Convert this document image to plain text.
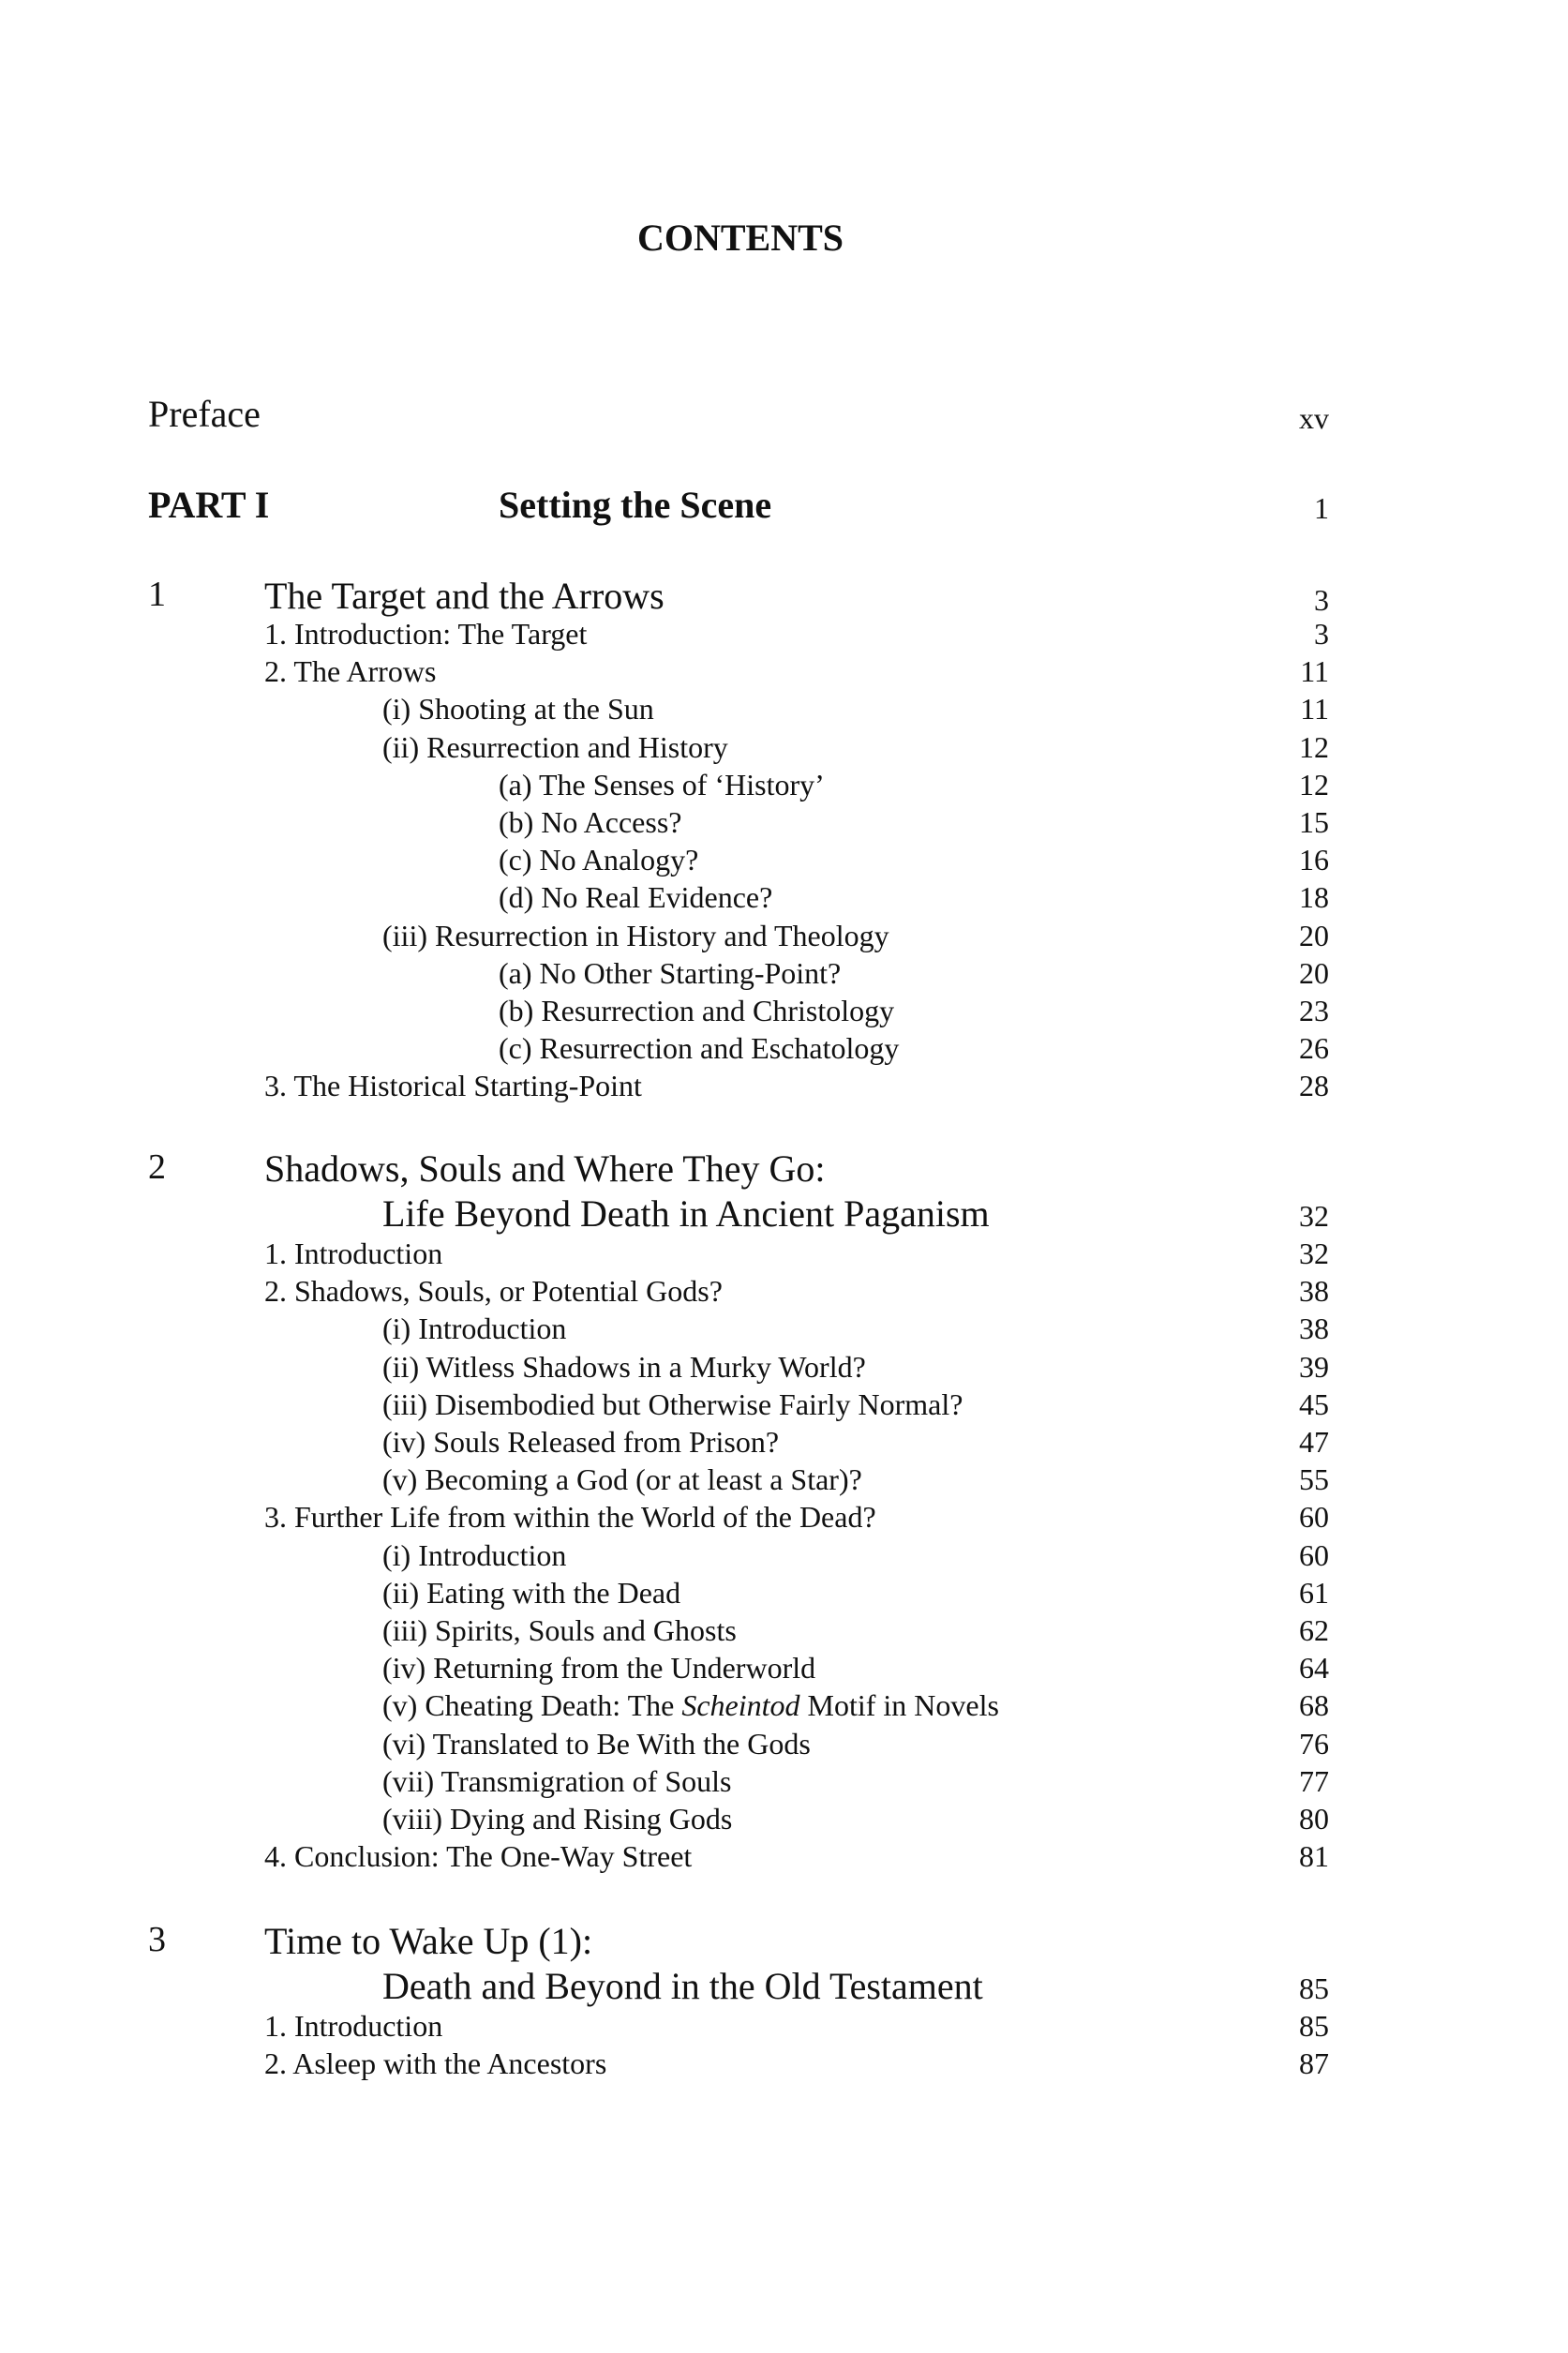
CONTENTS
Preface	xv
PART I	Setting the Scene	1
1	The Target and the Arrows	3
1. Introduction: The Target	3
2. The Arrows	11
(i) Shooting at the Sun	11
(ii) Resurrection and History	12
(a) The Senses of ‘History’	12
(b) No Access?	15
(c) No Analogy?	16
(d) No Real Evidence?	18
(iii) Resurrection in History and Theology	20
(a) No Other Starting-Point?	20
(b) Resurrection and Christology	23
(c) Resurrection and Eschatology	26
3. The Historical Starting-Point	28
2	Shadows, Souls and Where They Go:
Life Beyond Death in Ancient Paganism	32
1. Introduction	32
2. Shadows, Souls, or Potential Gods?	38
(i) Introduction	38
(ii) Witless Shadows in a Murky World?	39
(iii) Disembodied but Otherwise Fairly Normal?	45
(iv) Souls Released from Prison?	47
(v) Becoming a God (or at least a Star)?	55
3. Further Life from within the World of the Dead?	60
(i) Introduction	60
(ii) Eating with the Dead	61
(iii) Spirits, Souls and Ghosts	62
(iv) Returning from the Underworld	64
(v) Cheating Death: The Scheintod Motif in Novels	68
(vi) Translated to Be With the Gods	76
(vii) Transmigration of Souls	77
(viii) Dying and Rising Gods	80
4. Conclusion: The One-Way Street	81
3	Time to Wake Up (1):
Death and Beyond in the Old Testament	85
1. Introduction	85
2. Asleep with the Ancestors	87
